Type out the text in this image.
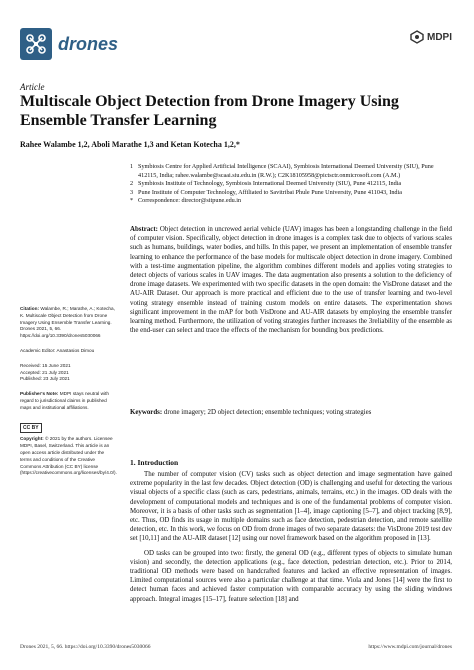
drones	MDPI
Article
Multiscale Object Detection from Drone Imagery Using Ensemble Transfer Learning
Rahee Walambe 1,2, Aboli Marathe 1,3 and Ketan Kotecha 1,2,*
1 Symbiosis Centre for Applied Artificial Intelligence (SCAAI), Symbiosis International Deemed University (SIU), Pune 412115, India; rahee.walambe@scaai.siu.edu.in (R.W.); C2K18105958@pictsctr.onmicrosoft.com (A.M.)
2 Symbiosis Institute of Technology, Symbiosis International Deemed University (SIU), Pune 412115, India
3 Pune Institute of Computer Technology, Affiliated to Savitribai Phule Pune University, Pune 411043, India
* Correspondence: director@sitpune.edu.in
Abstract: Object detection in uncrewed aerial vehicle (UAV) images has been a longstanding challenge in the field of computer vision. Specifically, object detection in drone images is a complex task due to objects of various scales such as humans, buildings, water bodies, and hills. In this paper, we present an implementation of ensemble transfer learning to enhance the performance of the base models for multiscale object detection in drone imagery. Combined with a test-time augmentation pipeline, the algorithm combines different models and applies voting strategies to detect objects of various scales in UAV images. The data augmentation also presents a solution to the deficiency of drone image datasets. We experimented with two specific datasets in the open domain: the VisDrone dataset and the AU-AIR Dataset. Our approach is more practical and efficient due to the use of transfer learning and two-level voting strategy ensemble instead of training custom models on entire datasets. The experimentation shows significant improvement in the mAP for both VisDrone and AU-AIR datasets by employing the ensemble transfer learning method. Furthermore, the utilization of voting strategies further increases the 3reliability of the ensemble as the end-user can select and trace the effects of the mechanism for bounding box predictions.
Keywords: drone imagery; 2D object detection; ensemble techniques; voting strategies
Citation: Walambe, R.; Marathe, A.; Kotecha, K. Multiscale Object Detection from Drone Imagery Using Ensemble Transfer Learning. Drones 2021, 5, 66. https://doi.org/10.3390/drones5030066
Academic Editor: Anastasios Dimou
Received: 15 June 2021
Accepted: 21 July 2021
Published: 23 July 2021
Publisher's Note: MDPI stays neutral with regard to jurisdictional claims in published maps and institutional affiliations.
CC BY
Copyright: © 2021 by the authors. Licensee MDPI, Basel, Switzerland. This article is an open access article distributed under the terms and conditions of the Creative Commons Attribution (CC BY) license (https://creativecommons.org/licenses/by/4.0/).
1. Introduction

The number of computer vision (CV) tasks such as object detection and image segmentation have gained extreme popularity in the last few decades. Object detection (OD) is challenging and useful for detecting the various visual objects of a specific class (such as cars, pedestrians, animals, terrains, etc.) in the images. OD deals with the development of computational models and techniques and is one of the fundamental problems of computer vision. Moreover, it is a basis of other tasks such as segmentation [1–4], image captioning [5–7], and object tracking [8,9], etc. Thus, OD finds its usage in multiple domains such as face detection, pedestrian detection, and remote satellite detection, etc. In this work, we focus on OD from drone images of two separate datasets: the VisDrone 2019 test dev set [10,11] and the AU-AIR dataset [12] using our novel framework based on the algorithm proposed in [13].

OD tasks can be grouped into two: firstly, the general OD (e.g., different types of objects to simulate human vision) and secondly, the detection applications (e.g., face detection, pedestrian detection, etc.). Prior to 2014, traditional OD methods were based on handcrafted features and lacked an effective representation of images. Limited computational sources were also a particular challenge at that time. Viola and Jones [14] were the first to detect human faces and achieved faster computation with comparable accuracy by using the sliding windows approach. Integral images [15–17], feature selection [18] and

Drones 2021, 5, 66. https://doi.org/10.3390/drones5030066	https://www.mdpi.com/journal/drones
